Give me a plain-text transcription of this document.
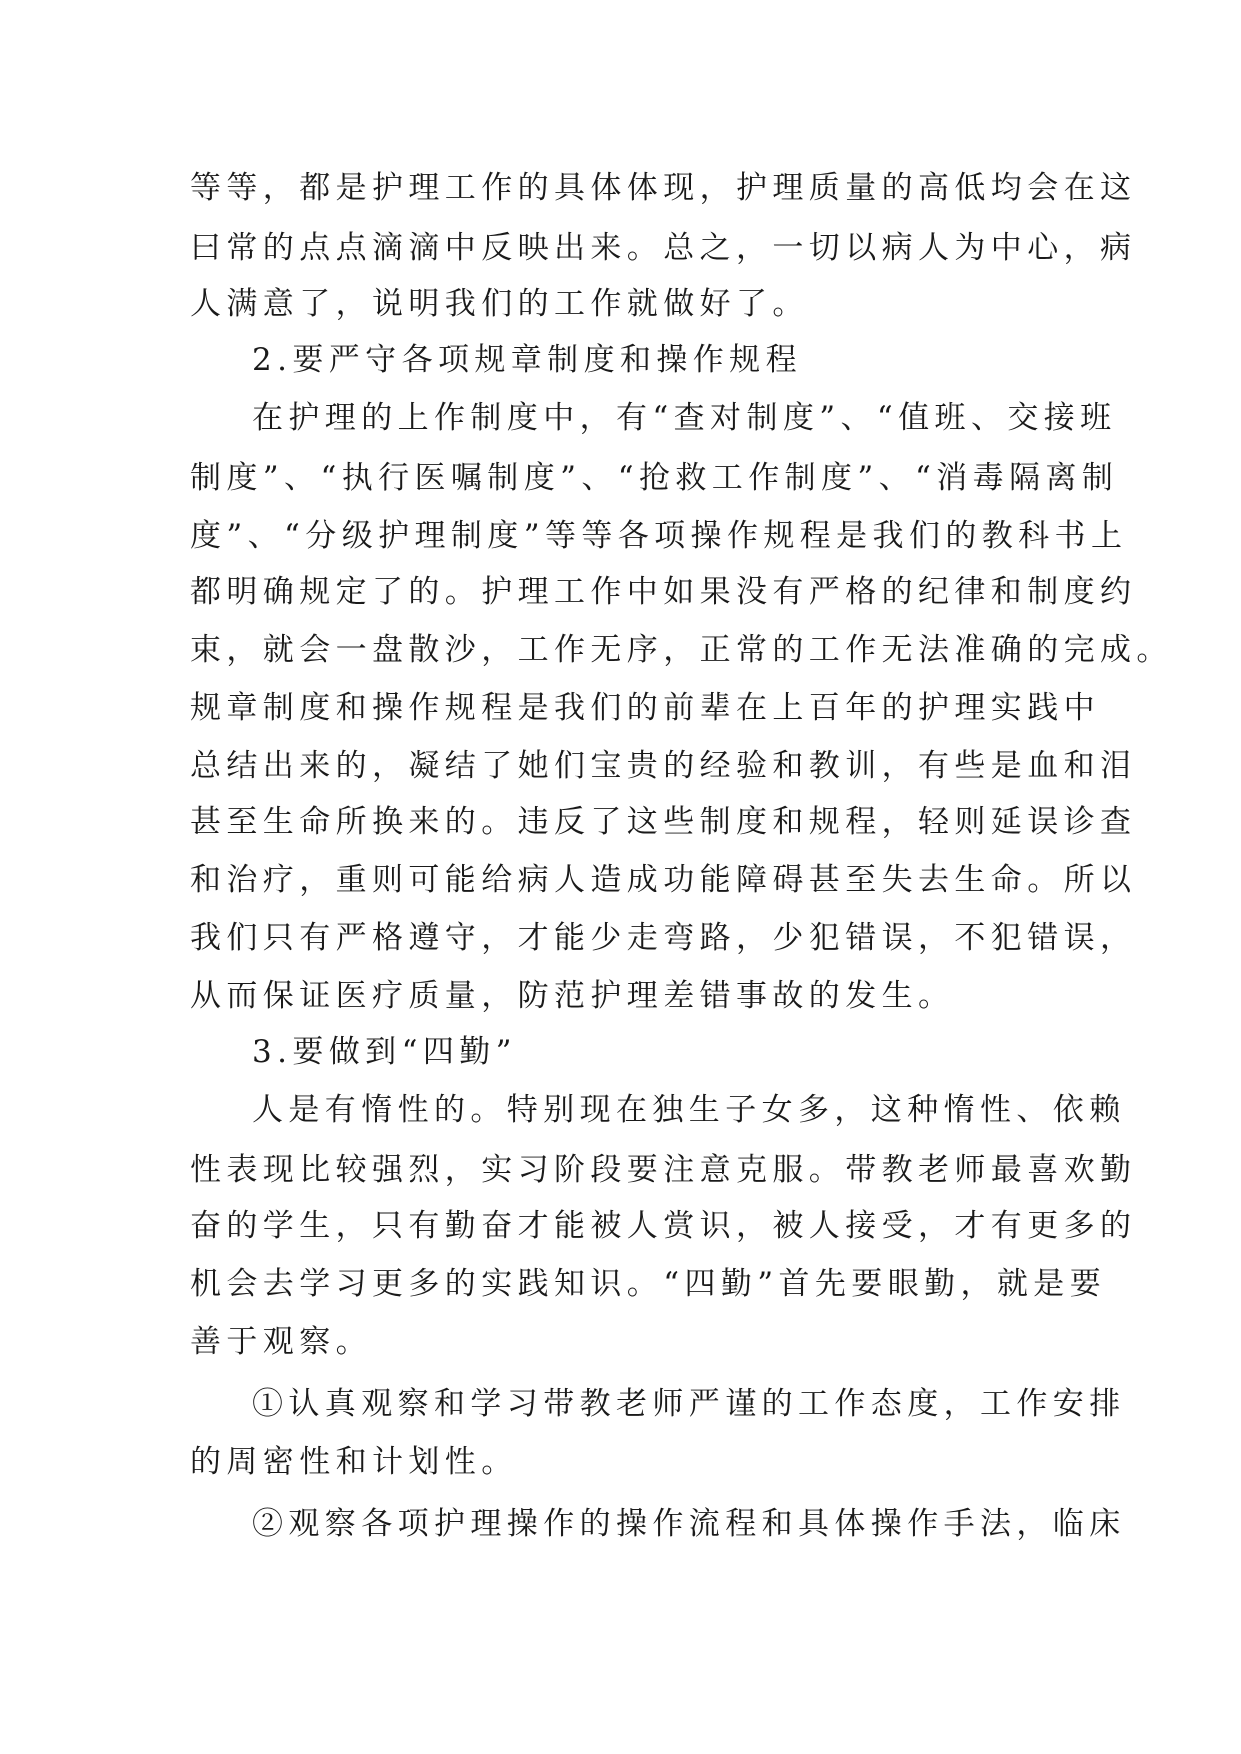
等等，都是护理工作的具体体现，护理质量的高低均会在这
曰常的点点滴滴中反映出来。总之，一切以病人为中心，病
人满意了，说明我们的工作就做好了。
2.要严守各项规章制度和操作规程
在护理的上作制度中，有“查对制度”、“值班、交接班
制度”、“执行医嘱制度”、“抢救工作制度”、“消毒隔离制
度”、“分级护理制度”等等各项操作规程是我们的教科书上
都明确规定了的。护理工作中如果没有严格的纪律和制度约
束，就会一盘散沙，工作无序，正常的工作无法准确的完成。
规章制度和操作规程是我们的前辈在上百年的护理实践中
总结出来的，凝结了她们宝贵的经验和教训，有些是血和泪
甚至生命所换来的。违反了这些制度和规程，轻则延误诊查
和治疗，重则可能给病人造成功能障碍甚至失去生命。所以
我们只有严格遵守，才能少走弯路，少犯错误，不犯错误，
从而保证医疗质量，防范护理差错事故的发生。
3.要做到“四勤”
人是有惰性的。特别现在独生子女多，这种惰性、依赖
性表现比较强烈，实习阶段要注意克服。带教老师最喜欢勤
奋的学生，只有勤奋才能被人赏识，被人接受，才有更多的
机会去学习更多的实践知识。“四勤”首先要眼勤，就是要
善于观察。
①认真观察和学习带教老师严谨的工作态度，工作安排
的周密性和计划性。
②观察各项护理操作的操作流程和具体操作手法，临床
